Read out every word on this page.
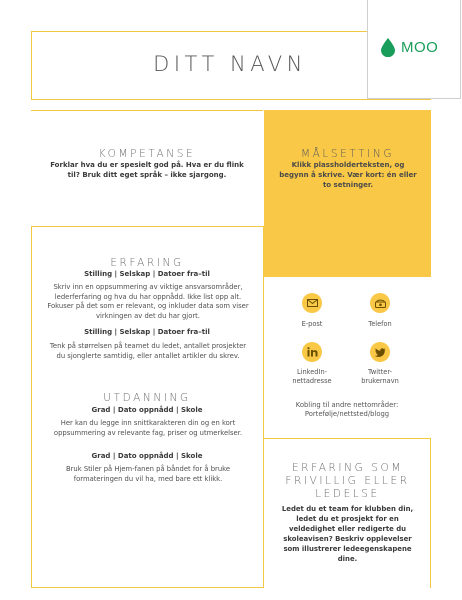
DITT NAVN
MOO
KOMPETANSE
Forklar hva du er spesielt god på. Hva er du flink til? Bruk ditt eget språk – ikke sjargong.
MÅLSETTING
Klikk plassholderteksten, og begynn å skrive. Vær kort: én eller to setninger.
ERFARING
Stilling | Selskap | Datoer fra–til
Skriv inn en oppsummering av viktige ansvarsområder, lederferfaring og hva du har oppnådd. Ikke list opp alt. Fokuser på det som er relevant, og inkluder data som viser virkningen av det du har gjort.
Stilling | Selskap | Datoer fra–til
Tenk på størrelsen på teamet du ledet, antallet prosjekter du sjonglerte samtidig, eller antallet artikler du skrev.
UTDANNING
Grad | Dato oppnådd | Skole
Her kan du legge inn snittkarakteren din og en kort oppsummering av relevante fag, priser og utmerkelser.
Grad | Dato oppnådd | Skole
Bruk Stiler på Hjem-fanen på båndet for å bruke formateringen du vil ha, med bare ett klikk.
E-post	Telefon
LinkedIn-
nettadresse
Twitter-
brukernavn
Kobling til andre nettområder:
Portefølje/nettsted/blogg
ERFARING SOM
FRIVILLIG ELLER
LEDELSE
Ledet du et team for klubben din, ledet du et prosjekt for en veldedighet eller redigerte du skoleavisen? Beskriv opplevelser som illustrerer ledeegenskapene dine.
